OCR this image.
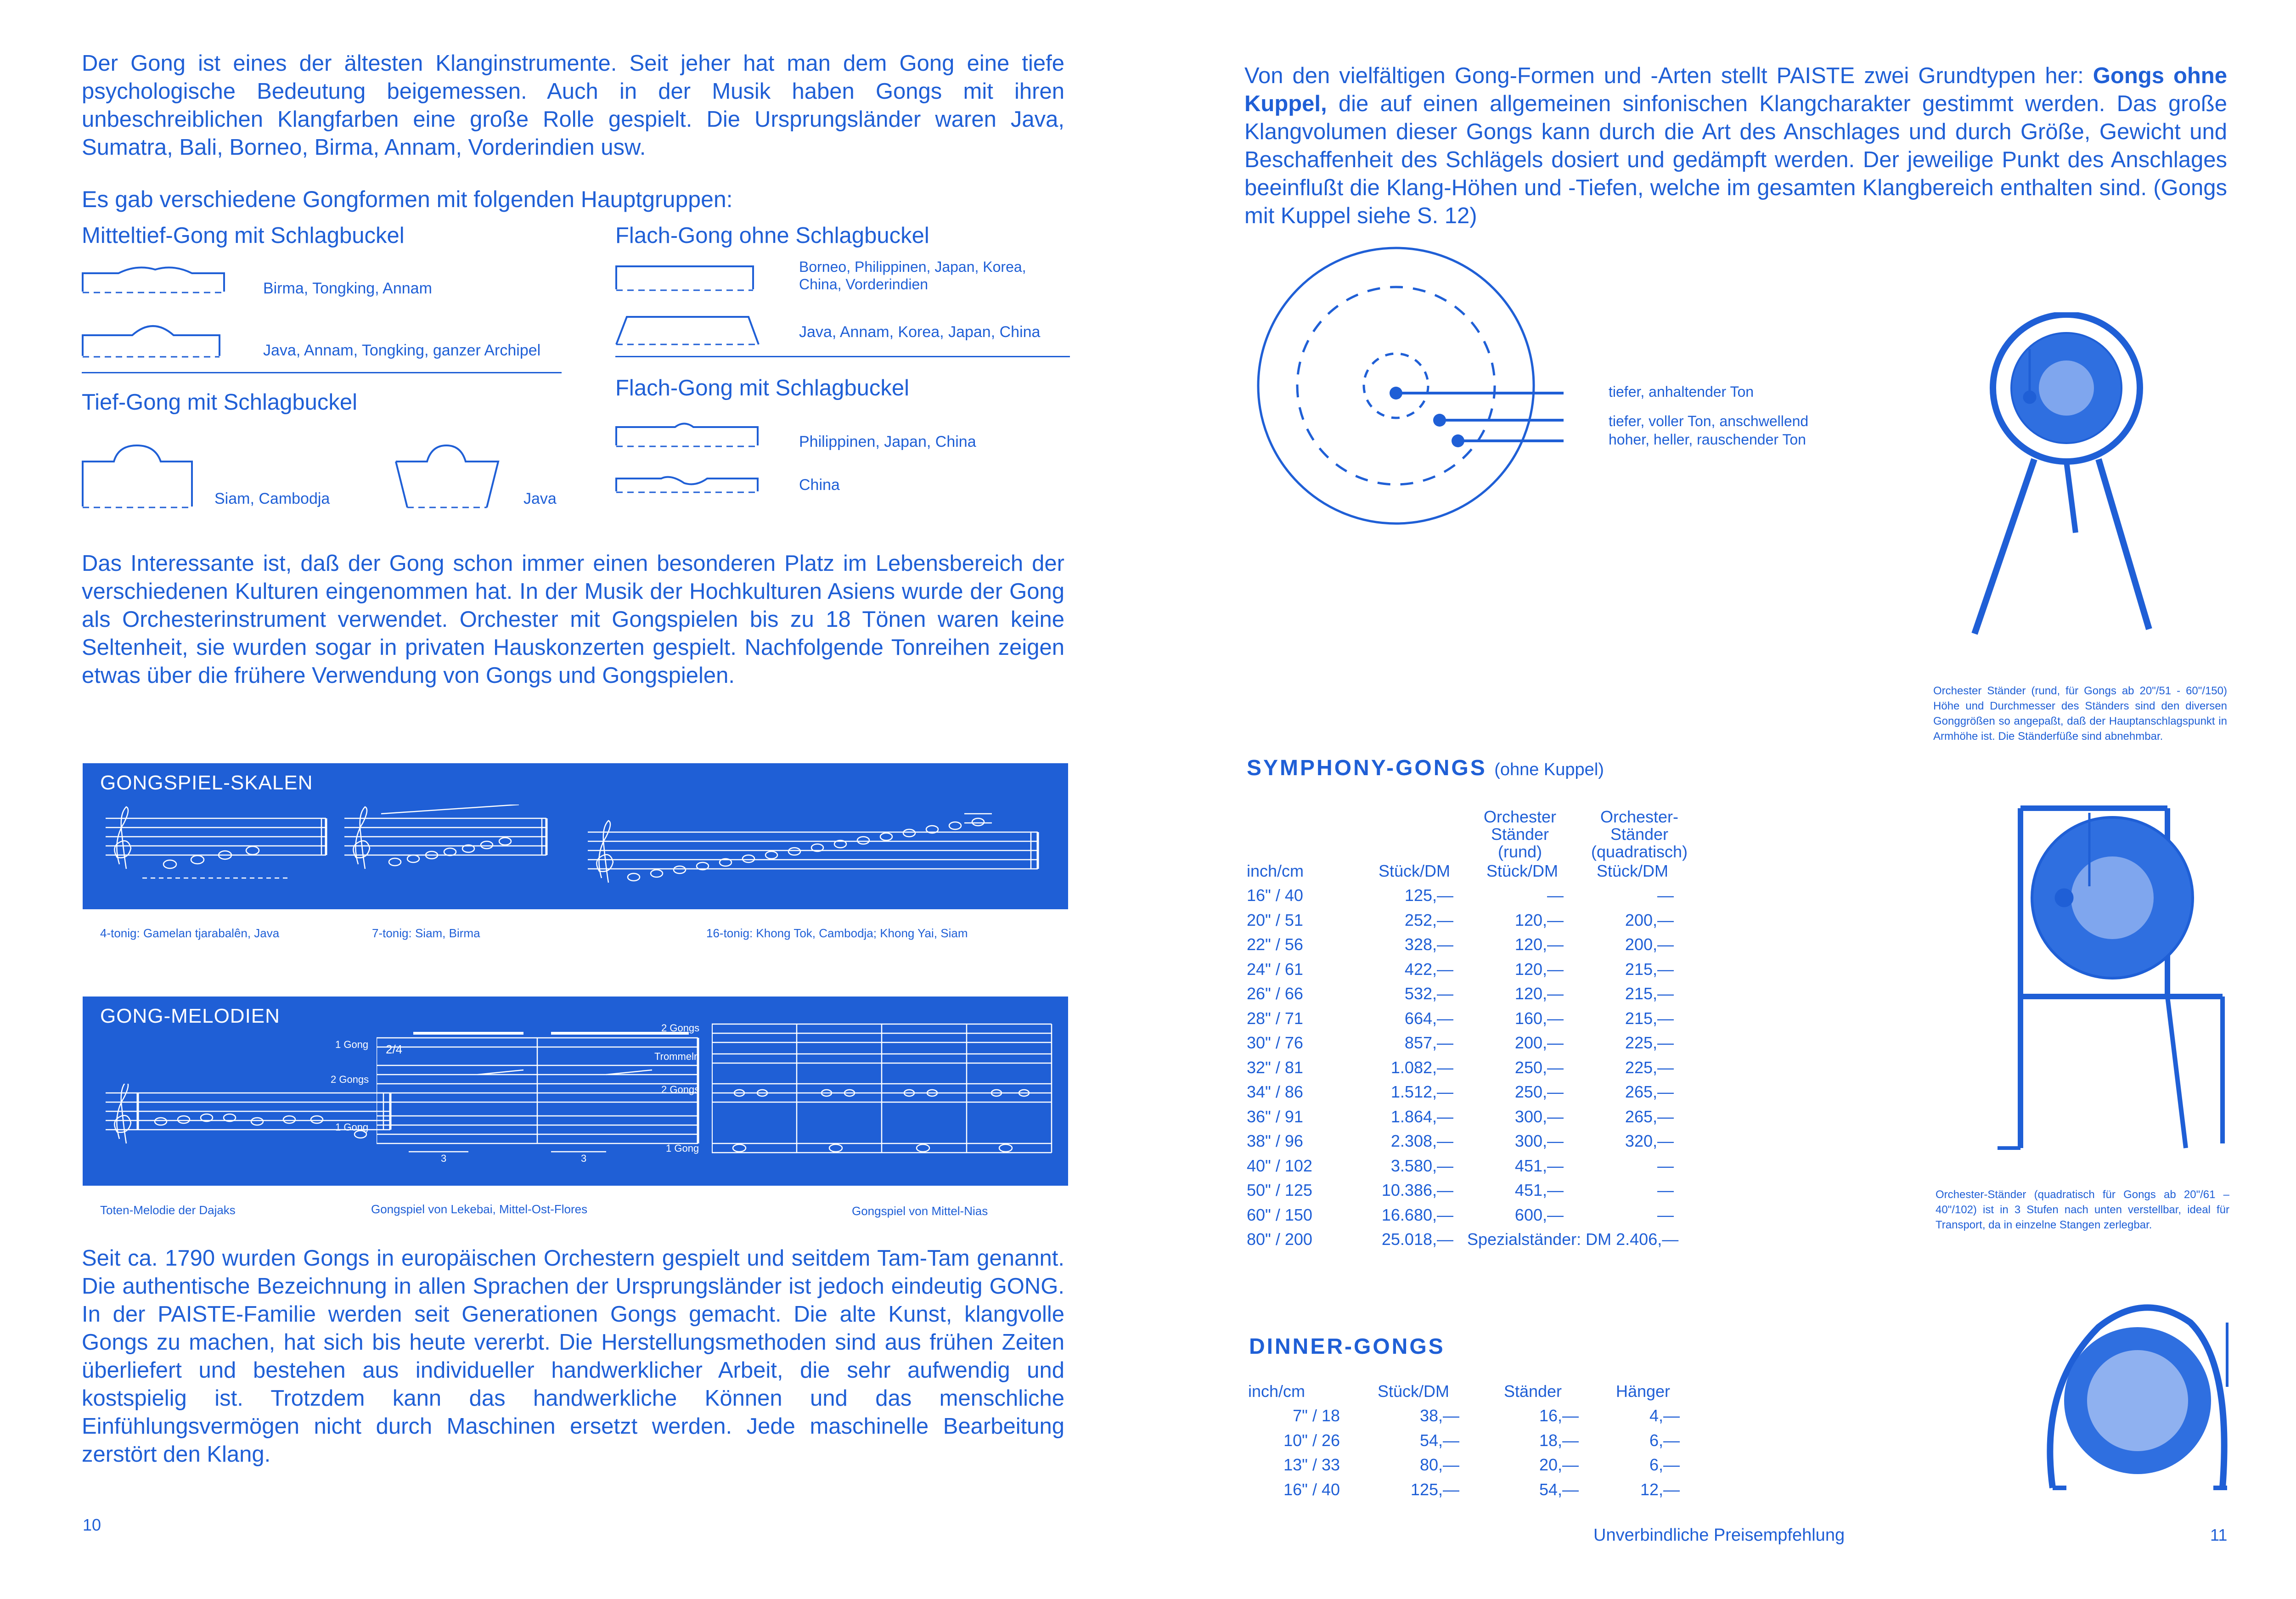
Der Gong ist eines der ältesten Klanginstrumente. Seit jeher hat man dem Gong eine tiefe psychologische Bedeutung beigemessen. Auch in der Musik haben Gongs mit ihren unbeschreiblichen Klangfarben eine große Rolle gespielt. Die Ursprungsländer waren Java, Sumatra, Bali, Borneo, Birma, Annam, Vorderindien usw.
Es gab verschiedene Gongformen mit folgenden Hauptgruppen:
Mitteltief-Gong mit Schlagbuckel
Birma, Tongking, Annam
Java, Annam, Tongking, ganzer Archipel
Tief-Gong mit Schlagbuckel
Siam, Cambodja	Java
Flach-Gong ohne Schlagbuckel
Borneo, Philippinen, Japan, Korea, China, Vorderindien
Java, Annam, Korea, Japan, China
Flach-Gong mit Schlagbuckel
Philippinen, Japan, China
China
Das Interessante ist, daß der Gong schon immer einen besonderen Platz im Lebensbereich der verschiedenen Kulturen eingenommen hat. In der Musik der Hochkulturen Asiens wurde der Gong als Orchesterinstrument verwendet. Orchester mit Gongspielen bis zu 18 Tönen waren keine Seltenheit, sie wurden sogar in privaten Hauskonzerten gespielt. Nachfolgende Tonreihen zeigen etwas über die frühere Verwendung von Gongs und Gongspielen.
GONGSPIEL-SKALEN
4-tonig: Gamelan tjarabalên, Java	7-tonig: Siam, Birma	16-tonig: Khong Tok, Cambodja; Khong Yai, Siam
GONG-MELODIEN
1 Gong
2 Gongs
1 Gong
2/4
3	3
2 Gongs
Trommeln
2 Gongs
1 Gong
Toten-Melodie der Dajaks	Gongspiel von Lekebai, Mittel-Ost-Flores	Gongspiel von Mittel-Nias
Seit ca. 1790 wurden Gongs in europäischen Orchestern gespielt und seitdem Tam-Tam genannt. Die authentische Bezeichnung in allen Sprachen der Ursprungsländer ist jedoch eindeutig GONG. In der PAISTE-Familie werden seit Generationen Gongs gemacht. Die alte Kunst, klangvolle Gongs zu machen, hat sich bis heute vererbt. Die Herstellungsmethoden sind aus frühen Zeiten überliefert und bestehen aus individueller handwerklicher Arbeit, die sehr aufwendig und kostspielig ist. Trotzdem kann das handwerkliche Können und das menschliche Einfühlungsvermögen nicht durch Maschinen ersetzt werden. Jede maschinelle Bearbeitung zerstört den Klang.
10
Von den vielfältigen Gong-Formen und -Arten stellt PAISTE zwei Grundtypen her: Gongs ohne Kuppel, die auf einen allgemeinen sinfonischen Klangcharakter gestimmt werden. Das große Klangvolumen dieser Gongs kann durch die Art des Anschlages und durch Größe, Gewicht und Beschaffenheit des Schlägels dosiert und gedämpft werden. Der jeweilige Punkt des Anschlages beeinflußt die Klang-Höhen und -Tiefen, welche im gesamten Klangbereich enthalten sind. (Gongs mit Kuppel siehe S. 12)
tiefer, anhaltender Ton
tiefer, voller Ton, anschwellend
hoher, heller, rauschender Ton
Orchester Ständer (rund, für Gongs ab 20"/51 - 60"/150) Höhe und Durchmesser des Ständers sind den diversen Gonggrößen so angepaßt, daß der Hauptanschlagspunkt in Armhöhe ist. Die Ständerfüße sind abnehmbar.
Orchester-Ständer (quadratisch für Gongs ab 20"/61 – 40"/102) ist in 3 Stufen nach unten verstellbar, ideal für Transport, da in einzelne Stangen zerlegbar.
SYMPHONY-GONGS (ohne Kuppel)
Orchester
Ständer
(rund)
Orchester-
Ständer
(quadratisch)
inch/cm	Stück/DM	Stück/DM	Stück/DM
16" / 40	125,—	—	—
20" / 51	252,—	120,—	200,—
22" / 56	328,—	120,—	200,—
24" / 61	422,—	120,—	215,—
26" / 66	532,—	120,—	215,—
28" / 71	664,—	160,—	215,—
30" / 76	857,—	200,—	225,—
32" / 81	1.082,—	250,—	225,—
34" / 86	1.512,—	250,—	265,—
36" / 91	1.864,—	300,—	265,—
38" / 96	2.308,—	300,—	320,—
40" / 102	3.580,—	451,—	—
50" / 125	10.386,—	451,—	—
60" / 150	16.680,—	600,—	—
80" / 200	25.018,—	Spezialständer: DM 2.406,—	
DINNER-GONGS
inch/cm	Stück/DM	Ständer	Hänger
7" / 18	38,—	16,—	4,—
10" / 26	54,—	18,—	6,—
13" / 33	80,—	20,—	6,—
16" / 40	125,—	54,—	12,—
Unverbindliche Preisempfehlung	11
